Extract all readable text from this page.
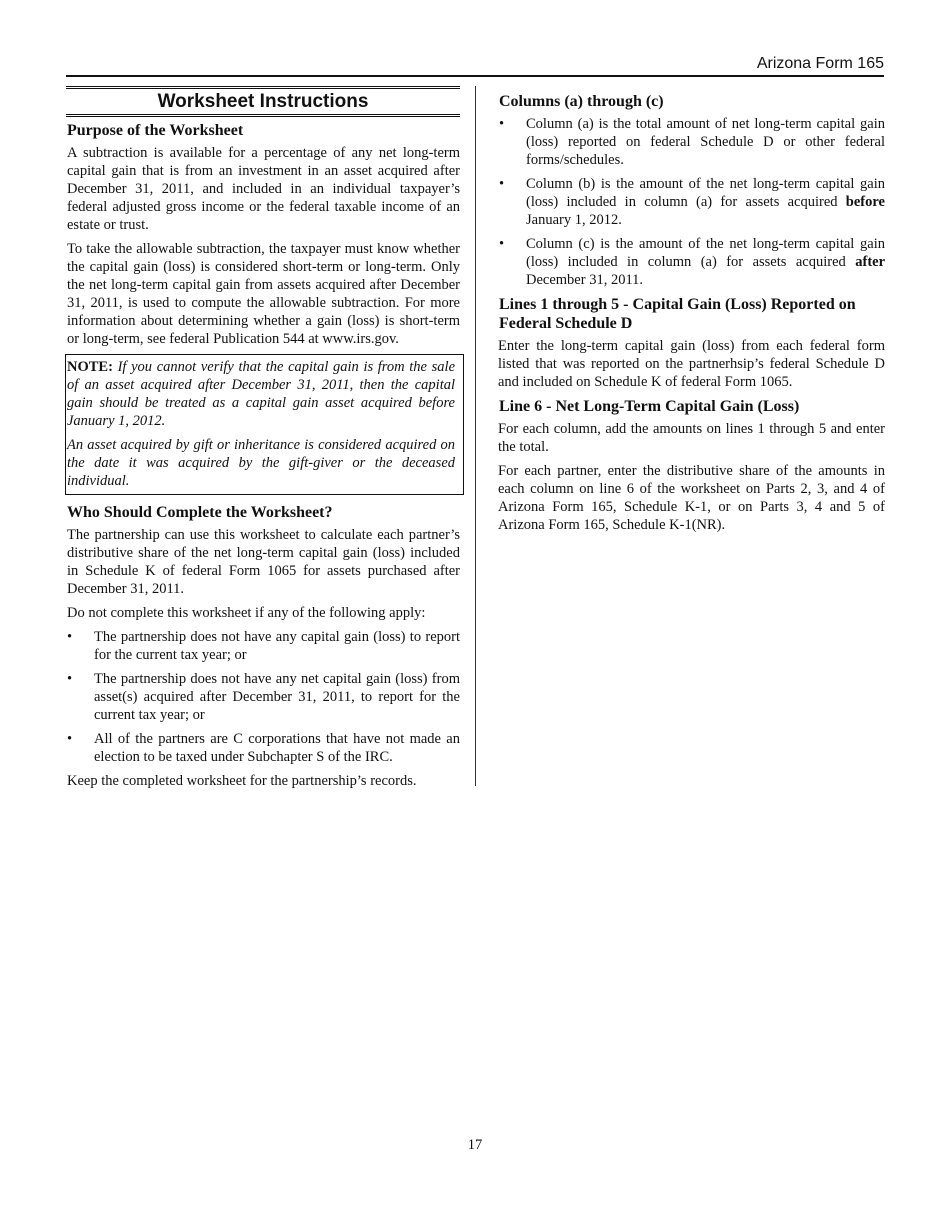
Arizona Form 165
Worksheet Instructions
Purpose of the Worksheet

A subtraction is available for a percentage of any net long-term capital gain that is from an investment in an asset acquired after December 31, 2011, and included in an individual taxpayer’s federal adjusted gross income or the federal taxable income of an estate or trust.

To take the allowable subtraction, the taxpayer must know whether the capital gain (loss) is considered short-term or long-term. Only the net long-term capital gain from assets acquired after December 31, 2011, is used to compute the allowable subtraction. For more information about determining whether a gain (loss) is short-term or long-term, see federal Publication 544 at www.irs.gov.

NOTE: If you cannot verify that the capital gain is from the sale of an asset acquired after December 31, 2011, then the capital gain should be treated as a capital gain asset acquired before January 1, 2012.

An asset acquired by gift or inheritance is considered acquired on the date it was acquired by the gift-giver or the deceased individual.

Who Should Complete the Worksheet?

The partnership can use this worksheet to calculate each partner’s distributive share of the net long-term capital gain (loss) included in Schedule K of federal Form 1065 for assets purchased after December 31, 2011.

Do not complete this worksheet if any of the following apply:

• The partnership does not have any capital gain (loss) to report for the current tax year; or
• The partnership does not have any net capital gain (loss) from asset(s) acquired after December 31, 2011, to report for the current tax year; or
• All of the partners are C corporations that have not made an election to be taxed under Subchapter S of the IRC.

Keep the completed worksheet for the partnership’s records.

Columns (a) through (c)
• Column (a) is the total amount of net long-term capital gain (loss) reported on federal Schedule D or other federal forms/schedules.
• Column (b) is the amount of the net long-term capital gain (loss) included in column (a) for assets acquired before January 1, 2012.
• Column (c) is the amount of the net long-term capital gain (loss) included in column (a) for assets acquired after December 31, 2011.
Lines 1 through 5 - Capital Gain (Loss) Reported on Federal Schedule D

Enter the long-term capital gain (loss) from each federal form listed that was reported on the partnerhsip’s federal Schedule D and included on Schedule K of federal Form 1065.

Line 6 - Net Long-Term Capital Gain (Loss)

For each column, add the amounts on lines 1 through 5 and enter the total.

For each partner, enter the distributive share of the amounts in each column on line 6 of the worksheet on Parts 2, 3, and 4 of Arizona Form 165, Schedule K-1, or on Parts 3, 4 and 5 of Arizona Form 165, Schedule K-1(NR).

17
